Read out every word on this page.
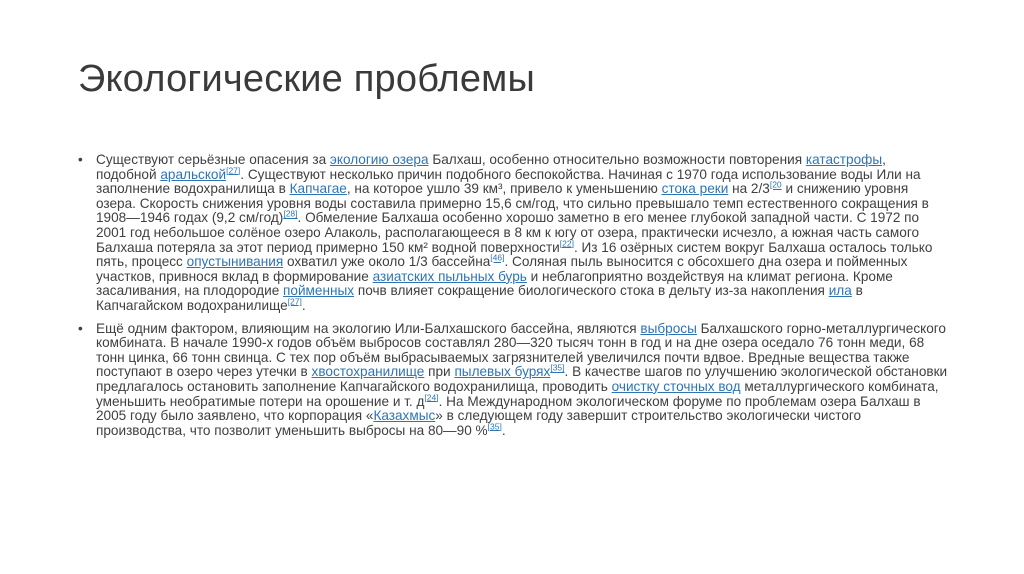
Экологические проблемы
• Существуют серьёзные опасения за экологию озера Балхаш, особенно относительно возможности повторения катастрофы, подобной аральской[27]. Существуют несколько причин подобного беспокойства. Начиная с 1970 года использование воды Или на заполнение водохранилища в Капчагае, на которое ушло 39 км³, привело к уменьшению стока реки на 2/3$^{[20}$ и снижению уровня озера. Скорость снижения уровня воды составила примерно 15,6 см/год, что сильно превышало темп естественного сокращения в 1908—1946 годах (9,2 см/год)[28]. Обмеление Балхаша особенно хорошо заметно в его менее глубокой западной части. С 1972 по 2001 год небольшое солёное озеро Алаколь, располагающееся в 8 км к югу от озера, практически исчезло, а южная часть самого Балхаша потеряла за этот период примерно 150 км² водной поверхности[22]. Из 16 озёрных систем вокруг Балхаша осталось только пять, процесс опустынивания охватил уже около 1/3 бассейна[46]. Соляная пыль выносится с обсохшего дна озера и пойменных участков, привнося вклад в формирование азиатских пыльных бурь и неблагоприятно воздействуя на климат региона. Кроме засаливания, на плодородие пойменных почв влияет сокращение биологического стока в дельту из-за накопления ила в Капчагайском водохранилище[27].
• Ещё одним фактором, влияющим на экологию Или-Балхашского бассейна, являются выбросы Балхашского горно-металлургического комбината. В начале 1990-х годов объём выбросов составлял 280—320 тысяч тонн в год и на дне озера оседало 76 тонн меди, 68 тонн цинка, 66 тонн свинца. С тех пор объём выбрасываемых загрязнителей увеличился почти вдвое. Вредные вещества также поступают в озеро через утечки в хвостохранилище при пылевых бурях[35]. В качестве шагов по улучшению экологической обстановки предлагалось остановить заполнение Капчагайского водохранилища, проводить очистку сточных вод металлургического комбината, уменьшить необратимые потери на орошение и т. д[24]. На Международном экологическом форуме по проблемам озера Балхаш в 2005 году было заявлено, что корпорация «Казахмыс» в следующем году завершит строительство экологически чистого производства, что позволит уменьшить выбросы на 80—90 %[35].
